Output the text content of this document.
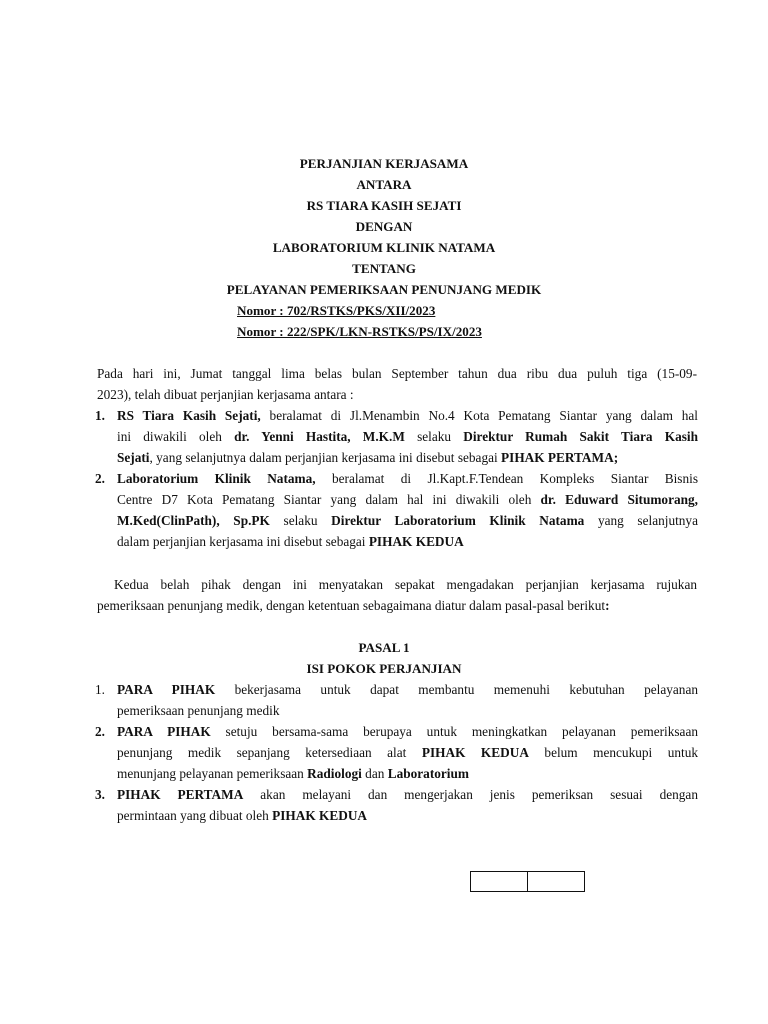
PERJANJIAN KERJASAMA
ANTARA
RS TIARA KASIH SEJATI
DENGAN
LABORATORIUM KLINIK NATAMA
TENTANG
PELAYANAN PEMERIKSAAN PENUNJANG MEDIK
Nomor : 702/RSTKS/PKS/XII/2023
Nomor : 222/SPK/LKN-RSTKS/PS/IX/2023
Pada hari ini, Jumat tanggal lima belas bulan September tahun dua ribu dua puluh tiga (15-09-
2023), telah dibuat perjanjian kerjasama antara :
1. RS Tiara Kasih Sejati, beralamat di Jl.Menambin No.4 Kota Pematang Siantar yang dalam hal
ini diwakili oleh dr. Yenni Hastita, M.K.M selaku Direktur Rumah Sakit Tiara Kasih
Sejati, yang selanjutnya dalam perjanjian kerjasama ini disebut sebagai PIHAK PERTAMA;
2. Laboratorium Klinik Natama, beralamat di Jl.Kapt.F.Tendean Kompleks Siantar Bisnis
Centre D7 Kota Pematang Siantar yang dalam hal ini diwakili oleh dr. Eduward Situmorang,
M.Ked(ClinPath), Sp.PK selaku Direktur Laboratorium Klinik Natama yang selanjutnya
dalam perjanjian kerjasama ini disebut sebagai PIHAK KEDUA
Kedua belah pihak dengan ini menyatakan sepakat mengadakan perjanjian kerjasama rujukan
pemeriksaan penunjang medik, dengan ketentuan sebagaimana diatur dalam pasal-pasal berikut:
PASAL 1
ISI POKOK PERJANJIAN
1. PARA PIHAK bekerjasama untuk dapat membantu memenuhi kebutuhan pelayanan
pemeriksaan penunjang medik
2. PARA PIHAK setuju bersama-sama berupaya untuk meningkatkan pelayanan pemeriksaan
penunjang medik sepanjang ketersediaan alat PIHAK KEDUA belum mencukupi untuk
menunjang pelayanan pemeriksaan Radiologi dan Laboratorium
3. PIHAK PERTAMA akan melayani dan mengerjakan jenis pemeriksan sesuai dengan
permintaan yang dibuat oleh PIHAK KEDUA
